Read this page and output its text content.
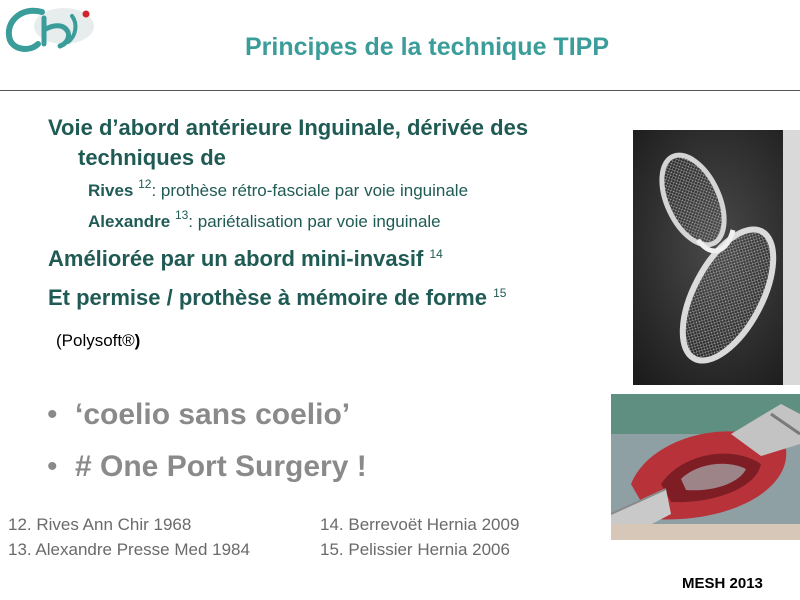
Principes de la technique TIPP
Voie d’abord antérieure Inguinale, dérivée des
techniques de
Rives $^{12}$: prothèse rétro-fasciale par voie inguinale
Alexandre $^{13}$: pariétalisation par voie inguinale
Améliorée par un abord mini-invasif $^{14}$
Et permise / prothèse à mémoire de forme $^{15}$
(Polysoft®)
• ‘coelio sans coelio’
• # One Port Surgery !
12. Rives Ann Chir 1968
13. Alexandre Presse Med 1984
14. Berrevoët Hernia 2009
15. Pelissier Hernia 2006
MESH 2013
